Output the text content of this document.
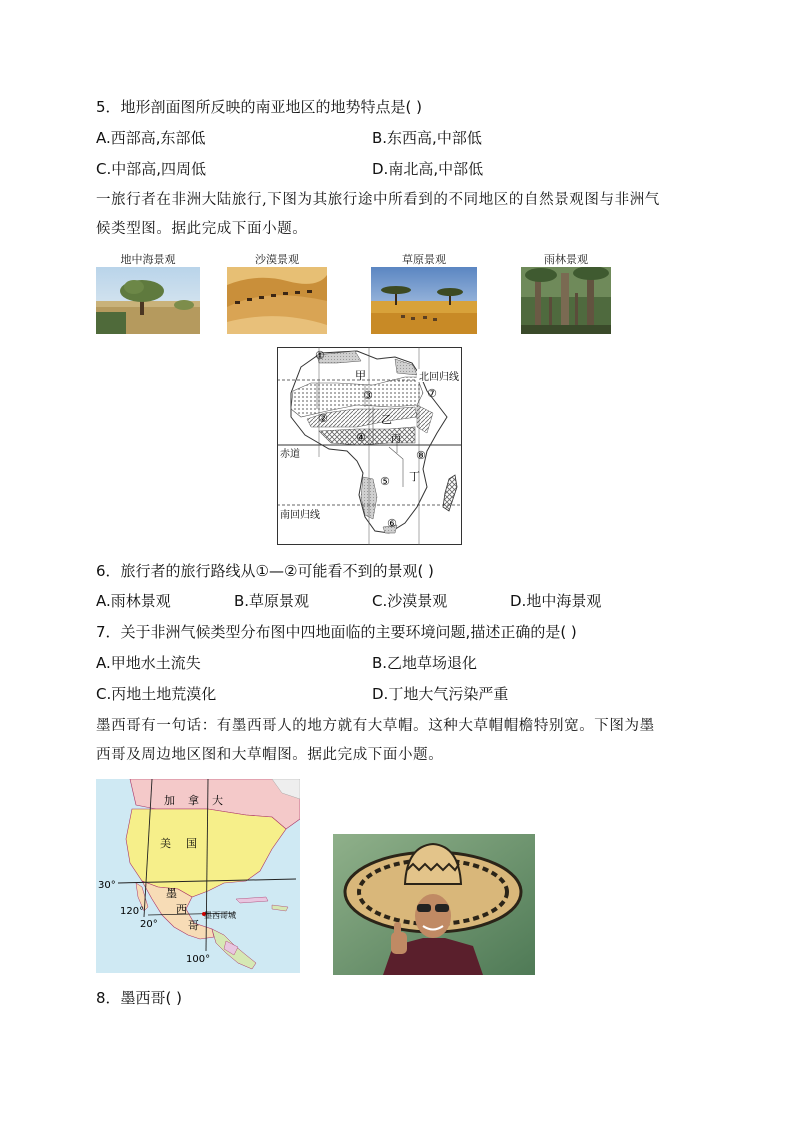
5．地形剖面图所反映的南亚地区的地势特点是( )
A.西部高,东部低	B.东西高,中部低
C.中部高,四周低	D.南北高,中部低
一旅行者在非洲大陆旅行,下图为其旅行途中所看到的不同地区的自然景观图与非洲气
候类型图。据此完成下面小题。
地中海景观	沙漠景观	草原景观	雨林景观
北回归线
赤道
南回归线
甲
乙
丙
丁
①
②
③
④
⑤
⑥
⑦
⑧
6．旅行者的旅行路线从①—②可能看不到的景观( )
A.雨林景观	B.草原景观	C.沙漠景观	D.地中海景观
7．关于非洲气候类型分布图中四地面临的主要环境问题,描述正确的是( )
A.甲地水土流失	B.乙地草场退化
C.丙地土地荒漠化	D.丁地大气污染严重
墨西哥有一句话：有墨西哥人的地方就有大草帽。这种大草帽帽檐特别宽。下图为墨
西哥及周边地区图和大草帽图。据此完成下面小题。
加 拿 大
美 国
墨
西
哥
墨西哥城
30°
20°
120°
100°
8．墨西哥( )
